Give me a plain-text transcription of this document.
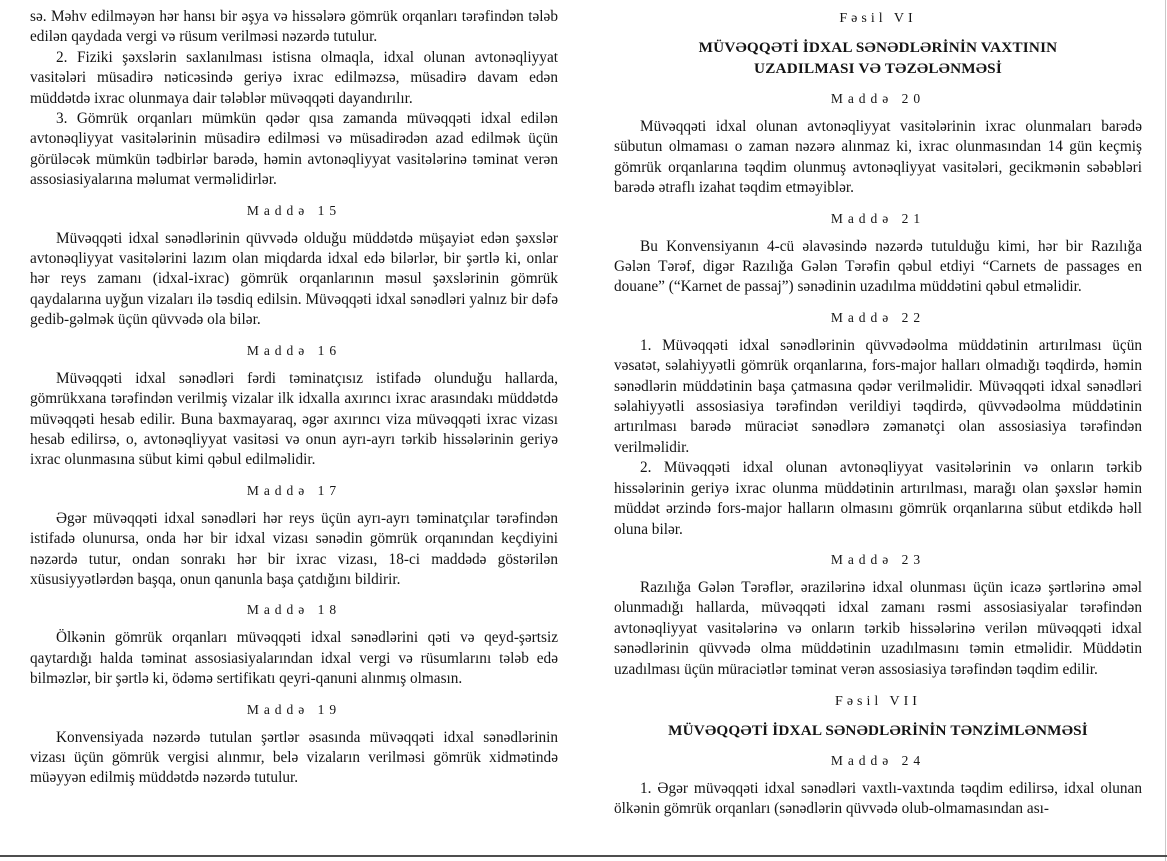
sə. Məhv edilməyən hər hansı bir əşya və hissələrə gömrük orqanları tərəfindən tələb edilən qaydada vergi və rüsum verilməsi nəzərdə tutulur.

2. Fiziki şəxslərin saxlanılması istisna olmaqla, idxal olunan avtonəqliyyat vasitələri müsadirə nəticəsində geriyə ixrac edilməzsə, müsadirə davam edən müddətdə ixrac olunmaya dair tələblər müvəqqəti dayandırılır.

3. Gömrük orqanları mümkün qədər qısa zamanda müvəqqəti idxal edilən avtonəqliyyat vasitələrinin müsadirə edilməsi və müsadirədən azad edilmək üçün görüləcək mümkün tədbirlər barədə, həmin avtonəqliyyat vasitələrinə təminat verən assosiasiyalarına məlumat verməlidirlər.

Maddə 15

Müvəqqəti idxal sənədlərinin qüvvədə olduğu müddətdə müşayiət edən şəxslər avtonəqliyyat vasitələrini lazım olan miqdarda idxal edə bilərlər, bir şərtlə ki, onlar hər reys zamanı (idxal-ixrac) gömrük orqanlarının məsul şəxslərinin gömrük qaydalarına uyğun vizaları ilə təsdiq edilsin. Müvəqqəti idxal sənədləri yalnız bir dəfə gedib-gəlmək üçün qüvvədə ola bilər.

Maddə 16

Müvəqqəti idxal sənədləri fərdi təminatçısız istifadə olunduğu hallarda, gömrükxana tərəfindən verilmiş vizalar ilk idxalla axırıncı ixrac arasındakı müddətdə müvəqqəti hesab edilir. Buna baxmayaraq, əgər axırıncı viza müvəqqəti ixrac vizası hesab edilirsə, o, avtonəqliyyat vasitəsi və onun ayrı-ayrı tərkib hissələrinin geriyə ixrac olunmasına sübut kimi qəbul edilməlidir.

Maddə 17

Əgər müvəqqəti idxal sənədləri hər reys üçün ayrı-ayrı təminatçılar tərəfindən istifadə olunursa, onda hər bir idxal vizası sənədin gömrük orqanından keçdiyini nəzərdə tutur, ondan sonrakı hər bir ixrac vizası, 18-ci maddədə göstərilən xüsusiyyətlərdən başqa, onun qanunla başa çatdığını bildirir.

Maddə 18

Ölkənin gömrük orqanları müvəqqəti idxal sənədlərini qəti və qeyd-şərtsiz qaytardığı halda təminat assosiasiyalarından idxal vergi və rüsumlarını tələb edə bilməzlər, bir şərtlə ki, ödəmə sertifikatı qeyri-qanuni alınmış olmasın.

Maddə 19

Konvensiyada nəzərdə tutulan şərtlər əsasında müvəqqəti idxal sənədlərinin vizası üçün gömrük vergisi alınmır, belə vizaların verilməsi gömrük xidmətində müəyyən edilmiş müddətdə nəzərdə tutulur.

Fəsil VI

MÜVƏQQƏTİ İDXAL SƏNƏDLƏRİNİN VAXTININ UZADILMASI VƏ TƏZƏLƏNMƏSİ

Maddə 20

Müvəqqəti idxal olunan avtonəqliyyat vasitələrinin ixrac olunmaları barədə sübutun olmaması o zaman nəzərə alınmaz ki, ixrac olunmasından 14 gün keçmiş gömrük orqanlarına təqdim olunmuş avtonəqliyyat vasitələri, gecikmənin səbəbləri barədə ətraflı izahat təqdim etməyiblər.

Maddə 21

Bu Konvensiyanın 4-cü əlavəsində nəzərdə tutulduğu kimi, hər bir Razılığa Gələn Tərəf, digər Razılığa Gələn Tərəfin qəbul etdiyi “Carnets de passages en douane” (“Karnet de passaj”) sənədinin uzadılma müddətini qəbul etməlidir.

Maddə 22

1. Müvəqqəti idxal sənədlərinin qüvvədəolma müddətinin artırılması üçün vəsatət, səlahiyyətli gömrük orqanlarına, fors-major halları olmadığı təqdirdə, həmin sənədlərin müddətinin başa çatmasına qədər verilməlidir. Müvəqqəti idxal sənədləri səlahiyyətli assosiasiya tərəfindən verildiyi təqdirdə, qüvvədəolma müddətinin artırılması barədə müraciət sənədlərə zəmanətçi olan assosiasiya tərəfindən verilməlidir.

2. Müvəqqəti idxal olunan avtonəqliyyat vasitələrinin və onların tərkib hissələrinin geriyə ixrac olunma müddətinin artırılması, marağı olan şəxslər həmin müddət ərzində fors-major halların olmasını gömrük orqanlarına sübut etdikdə həll oluna bilər.

Maddə 23

Razılığa Gələn Tərəflər, ərazilərinə idxal olunması üçün icazə şərtlərinə əməl olunmadığı hallarda, müvəqqəti idxal zamanı rəsmi assosiasiyalar tərəfindən avtonəqliyyat vasitələrinə və onların tərkib hissələrinə verilən müvəqqəti idxal sənədlərinin qüvvədə olma müddətinin uzadılmasını təmin etməlidir. Müddətin uzadılması üçün müraciətlər təminat verən assosiasiya tərəfindən təqdim edilir.

Fəsil VII

MÜVƏQQƏTİ İDXAL SƏNƏDLƏRİNİN TƏNZİMLƏNMƏSİ

Maddə 24

1. Əgər müvəqqəti idxal sənədləri vaxtlı-vaxtında təqdim edilirsə, idxal olunan ölkənin gömrük orqanları (sənədlərin qüvvədə olub-olmamasından ası-
